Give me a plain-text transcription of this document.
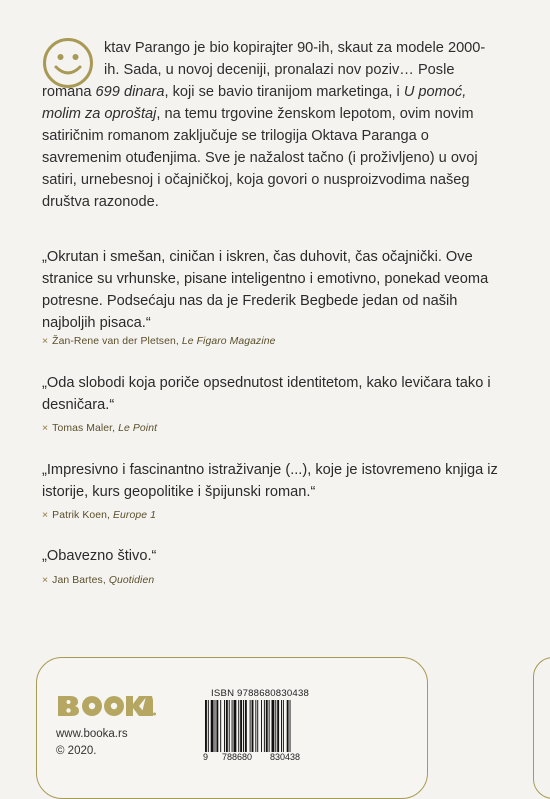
ktav Parango je bio kopirajter 90-ih, skaut za modele 2000-ih. Sada, u novoj deceniji, pronalazi nov poziv… Posle romana 699 dinara, koji se bavio tiranijom marketinga, i U pomoć, molim za oproštaj, na temu trgovine ženskom lepotom, ovim novim satiričnim romanom zaključuje se trilogija Oktava Paranga o savremenim otuđenjima. Sve je nažalost tačno (i proživljeno) u ovoj satiri, urnebesnoj i očajničkoj, koja govori o nusproizvodima našeg društva razonode.
„Okrutan i smešan, ciničan i iskren, čas duhovit, čas očajnički. Ove stranice su vrhunske, pisane inteligentno i emotivno, ponekad veoma potresne. Podsećaju nas da je Frederik Begbede jedan od naših najboljih pisaca.“
× Žan-Rene van der Pletsen, Le Figaro Magazine
„Oda slobodi koja poriče opsednutost identitetom, kako levičara tako i desničara.“
× Tomas Maler, Le Point
„Impresivno i fascinantno istraživanje (...), koje je istovremeno knjiga iz istorije, kurs geopolitike i špijunski roman.“
× Patrik Koen, Europe 1
„Obavezno štivo.“
× Jan Bartes, Quotidien
www.booka.rs
© 2020.
ISBN 9788680830438
9 788680 830438
